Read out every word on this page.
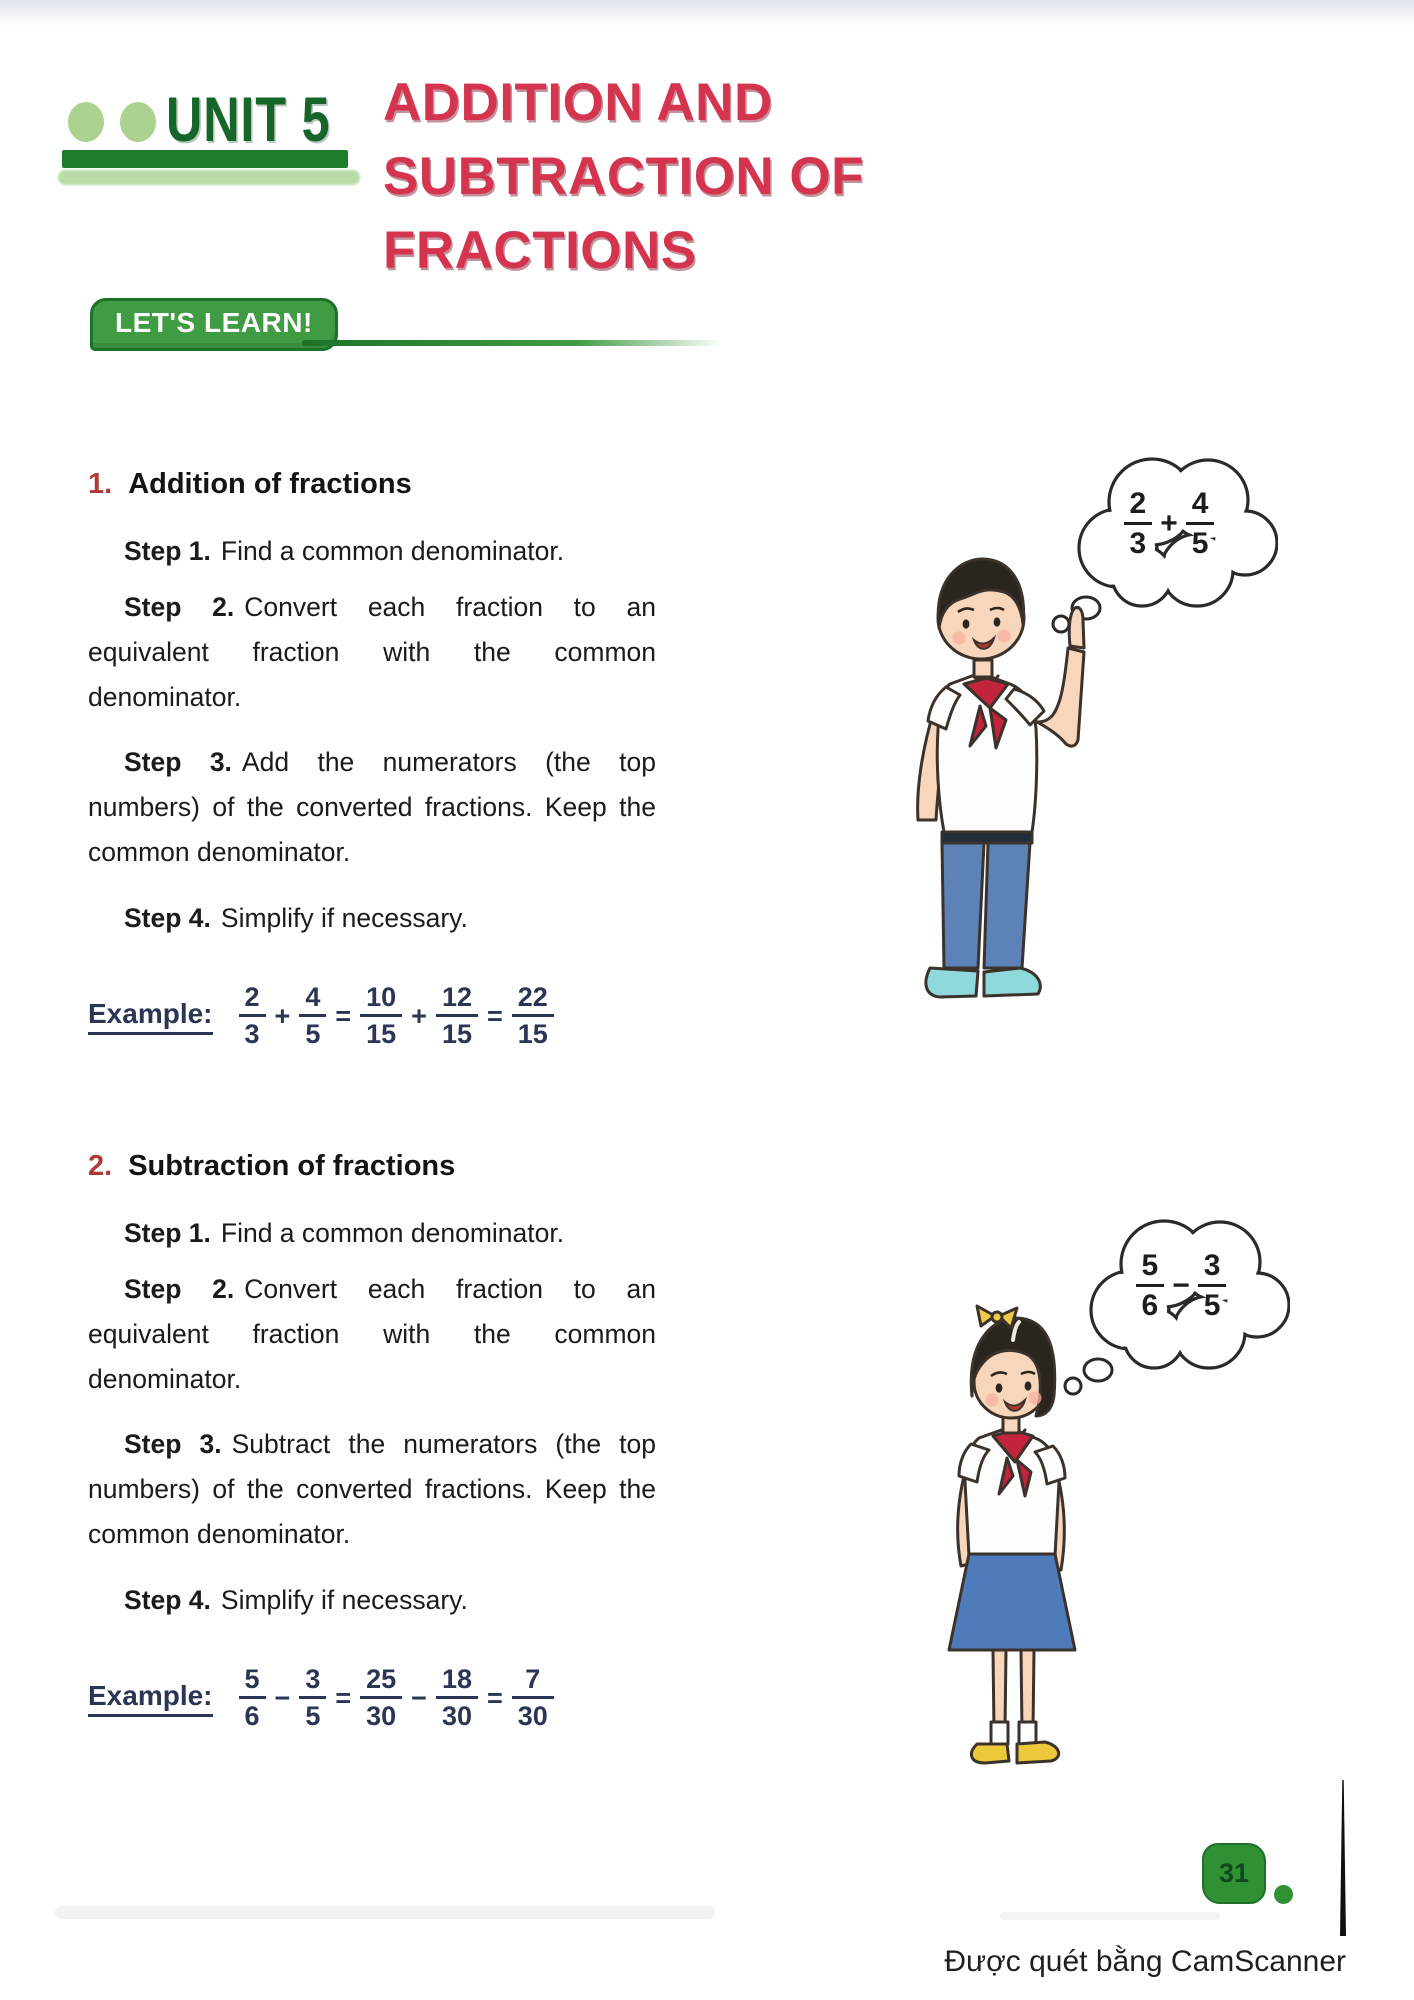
UNIT 5 ADDITION AND
SUBTRACTION OF
FRACTIONS
LET'S LEARN!
1. Addition of fractions

Step 1. Find a common denominator.

Step 2. Convert each fraction to an equivalent fraction with the common denominator.

Step 3. Add the numerators (the top numbers) of the converted fractions. Keep the common denominator.

Step 4. Simplify if necessary.

Example: $\frac{2}{3} + \frac{4}{5} = \frac{10}{15} + \frac{12}{15} = \frac{22}{15}$
$\frac{2}{3} + \frac{4}{5}$
2. Subtraction of fractions

Step 1. Find a common denominator.

Step 2. Convert each fraction to an equivalent fraction with the common denominator.

Step 3. Subtract the numerators (the top numbers) of the converted fractions. Keep the common denominator.

Step 4. Simplify if necessary.

Example: $\frac{5}{6} - \frac{3}{5} = \frac{25}{30} - \frac{18}{30} = \frac{7}{30}$
$\frac{5}{6} - \frac{3}{5}$
31
Được quét bằng CamScanner
